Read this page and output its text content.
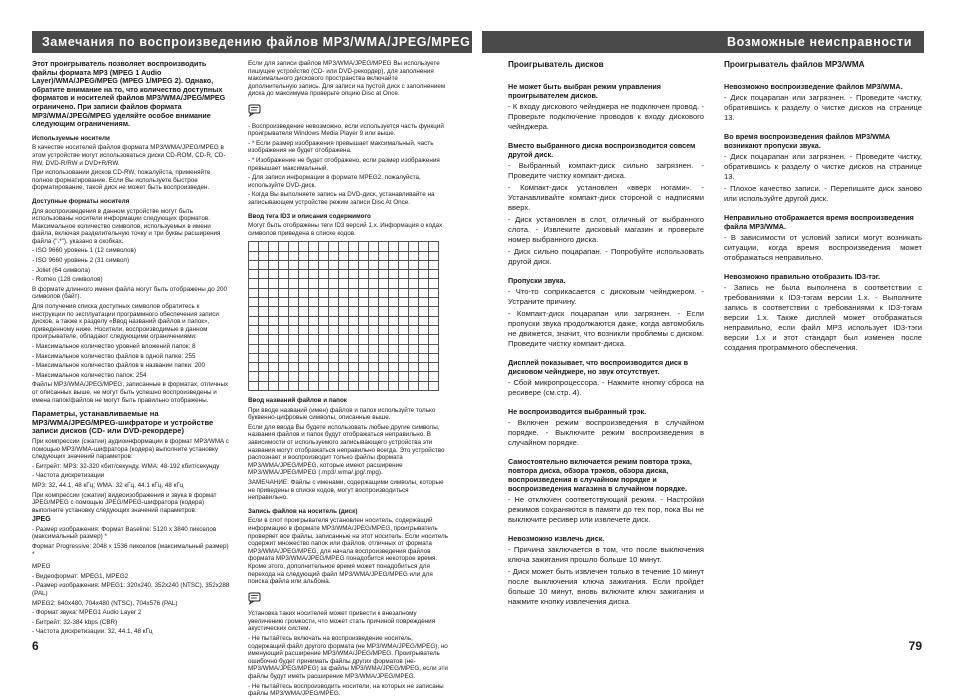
Замечания по воспроизведению файлов MP3/WMA/JPEG/MPEG	Возможные неисправности
Этот проигрыватель позволяет воспроизводить файлы формата MP3 (MPEG 1 Audio Layer)/WMA/JPEG/MPEG (MPEG 1/MPEG 2). Однако, обратите внимание на то, что количество доступных форматов и носителей файлов MP3/WMA/JPEG/MPEG ограничено. При записи файлов формата MP3/WMA/JPEG/MPEG уделяйте особое внимание следующим ограничениям.
Используемые носители
В качестве носителей файлов формата MP3/WMA/JPEG/MPEG в этом устройстве могут использоваться диски CD-ROM, CD-R, CD-RW, DVD-R/RW и DVD+R/RW.
При использовании дисков CD-RW, пожалуйста, применяйте полное форматирование. Если Вы используете быстрое форматирование, такой диск не может быть воспроизведен.
Доступные форматы носителя
Для воспроизведения в данном устройстве могут быть использованы носители информации следующих форматов. Максимальное количество символов, используемых в имени файла, включая разделительную точку и три буквы расширения файла (".*"), указано в скобках.
- ISO 9660 уровень 1 (12 символов)
- ISO 9660 уровень 2 (31 символ)
- Joliet (64 символа)
- Romeo (128 символов)
В формате длинного имени файла могут быть отображены до 200 символов (байт).
Для получения списка доступных символов обратитесь к инструкции по эксплуатации программного обеспечения записи дисков, а также к разделу «Ввод названий файлов и папок», приведенному ниже. Носители, воспроизводимые в данном проигрывателе, обладают следующими ограничениями:
- Максимальное количество уровней вложений папок: 8
- Максимальное количество файлов в одной папке: 255
- Максимальное количество файлов в названии папки: 200
- Максимальное количество папок: 254
Файлы MP3/WMA/JPEG/MPEG, записанные в форматах, отличных от описанных выше, не могут быть успешно воспроизведены и имена папок/файлов не могут быть правильно отображены.
Параметры, устанавливаемые на MP3/WMA/JPEG/MPEG-шифраторе и устройстве записи дисков (CD- или DVD-рекордере)
При компрессии (сжатии) аудиоинформации в формат MP3/WMA с помощью MP3/WMA-шифратора (кодера) выполните установку следующих значений параметров:
- Битрейт: MP3: 32-320 кбит/секунду, WMA: 48-192 кбит/секунду
- Частота дискретизации
MP3: 32, 44.1, 48 кГц; WMA: 32 кГц, 44.1 кГц, 48 кГц
При компрессии (сжатии) видеоизображения и звука в формат JPEG/MPEG с помощью JPEG/MPEG-шифратора (кодера) выполните установку следующих значений параметров:
JPEG
- Размер изображения: Формат Baseline: 5120 x 3840 пикселов (максимальный размер) *
Формат Progressive: 2048 x 1536 пикселов (максимальный размер) *
MPEG
- Видеоформат: MPEG1, MPEG2
- Размер изображения: MPEG1: 320x240, 352x240 (NTSC), 352x288 (PAL)
MPEG2: 640x480, 704x480 (NTSC), 704x576 (PAL)
- Формат звука: MPEG1 Audio Layer 2
- Битрейт: 32-384 kbps (CBR)
- Частота дискретизации: 32, 44.1, 48 кГц
Если для записи файлов MP3/WMA/JPEG/MPEG Вы используете пишущее устройство (CD- или DVD-рекордер), для заполнения максимального дискового пространства включайте дополнительную запись. Для записи на пустой диск с заполнением диска до максимума проверьте опцию Disc at Once.
- Воспроизведение невозможно, если используется часть функций проигрывателя Windows Media Player 9 или выше.
- * Если размер изображения превышает максимальный, часть изображения не будет отображена.
- * Изображение не будет отображено, если размер изображения превышает максимальный.
- Для записи информации в формате MPEG2, пожалуйста, используйте DVD-диск.
- Когда Вы выполняете запись на DVD-диск, устанавливайте на записывающем устройстве режим записи Disc At Once.
Ввод тега ID3 и описания содержимого
Могут быть отображены теги ID3 версий 1.x. Информация о кодах символов приведена в списке кодов.

Ввод названий файлов и папок
При вводе названий (имен) файлов и папок используйте только буквенно-цифровые символы, описанные выше.
Если для ввода Вы будете использовать любые другие символы, названия файлов и папок будут отображаться неправильно. В зависимости от используемого записывающего устройства эти названия могут отображаться неправильно всегда. Это устройство распознает и воспроизводит только файлы формата MP3/WMA/JPEG/MPEG, которые имеют расширение MP3/WMA/JPEG/MPEG (.mp3/.wma/.jpg/.mpg).
ЗАМЕЧАНИЕ: Файлы с именами, содержащими символы, которые не приведены в списке кодов, могут воспроизводиться неправильно.
Запись файлов на носитель (диск)
Если в слот проигрывателя установлен носитель, содержащий информацию в формате MP3/WMA/JPEG/MPEG, проигрыватель проверяет все файлы, записанные на этот носитель. Если носитель содержит множество папок или файлов, отличных от формата MP3/WMA/JPEG/MPEG, для начала воспроизведения файлов формата MP3/WMA/JPEG/MPEG понадобится некоторое время. Кроме этого, дополнительное время может понадобиться для перехода на следующий файл MP3/WMA/JPEG/MPEG или для поиска файла или альбома.
Установка таких носителей может привести к внезапному увеличению громкости, что может стать причиной повреждения акустических систем.
- Не пытайтесь включать на воспроизведение носитель, содержащий файл другого формата (не MP3/WMA/JPEG/MPEG), но именующий расширение MP3/WMA/JPEG/MPEG. Проигрыватель ошибочно будет принимать файлы других форматов (не-MP3/WMA/JPEG/MPEG) за файлы MP3/WMA/JPEG/MPEG, если эти файлы будут иметь расширение MP3/WMA/JPEG/MPEG.
- Не пытайтесь воспроизводить носители, на которых не записаны файлы MP3/WMA/JPEG/MPEG.
Проигрыватель дисков
Не может быть выбран режим управления проигрывателем дисков.
- К входу дискового чейнджера не подключен провод. - Проверьте подключение проводов к входу дискового чейнджера.
Вместо выбранного диска воспроизводится совсем другой диск.
- Выбранный компакт-диск сильно загрязнен. - Проведите чистку компакт-диска.
- Компакт-диск установлен «вверх ногами». - Устанавливайте компакт-диск стороной с надписями вверх.
- Диск установлен в слот, отличный от выбранного слота. - Извлеките дисковый магазин и проверьте номер выбранного диска.
- Диск сильно поцарапан. - Попробуйте использовать другой диск.
Пропуски звука.
- Что-то соприкасается с дисковым чейнджером. - Устраните причину.
- Компакт-диск поцарапан или загрязнен. - Если пропуски звука продолжаются даже, когда автомобиль не движется, значит, что возникли проблемы с диском. Проведите чистку компакт-диска.
Дисплей показывает, что воспроизводится диск в дисковом чейнджере, но звук отсутствует.
- Сбой микропроцессора. - Нажмите кнопку сброса на ресивере (см.стр. 4).
Не воспроизводится выбранный трэк.
- Включен режим воспроизведения в случайном порядке. - Выключите режим воспроизведения в случайном порядке.
Самостоятельно включается режим повтора трэка, повтора диска, обзора трэков, обзора диска, воспроизведения в случайном порядке и воспроизведения магазина в случайном порядке.
- Не отключен соответствующий режим. - Настройки режимов сохраняются в памяти до тех пор, пока Вы не выключите ресивер или извлечете диск.
Невозможно извлечь диск.
- Причина заключается в том, что после выключения ключа зажигания прошло больше 10 минут.
- Диск может быть извлечен только в течение 10 минут после выключения ключа зажигания. Если пройдет больше 10 минут, вновь включите ключ зажигания и нажмите кнопку извлечения диска.
Проигрыватель файлов MP3/WMA
Невозможно воспроизведение файлов MP3/WMA.
- Диск поцарапан или загрязнен. - Проведите чистку, обратившись к разделу о чистке дисков на странице 13.
Во время воспроизведения файлов MP3/WMA возникают пропуски звука.
- Диск поцарапан или загрязнен. - Проведите чистку, обратившись к разделу о чистке дисков на странице 13.
- Плохое качество записи. - Перепишите диск заново или используйте другой диск.
Неправильно отображается время воспроизведения файла MP3/WMA.
- В зависимости от условий записи могут возникать ситуации, когда время воспроизведения может отображаться неправильно.
Невозможно правильно отобразить ID3-тэг.
- Запись не была выполнена в соответствии с требованиями к ID3-тэгам версии 1.х. - Выполните запись в соответствии с требованиями к ID3-тэгам версии 1.х. Также дисплей может отображаться неправильно, если файл MP3 использует ID3-тэги версии 1.х и этот стандарт был изменен после создания программного обеспечения.
6	79
